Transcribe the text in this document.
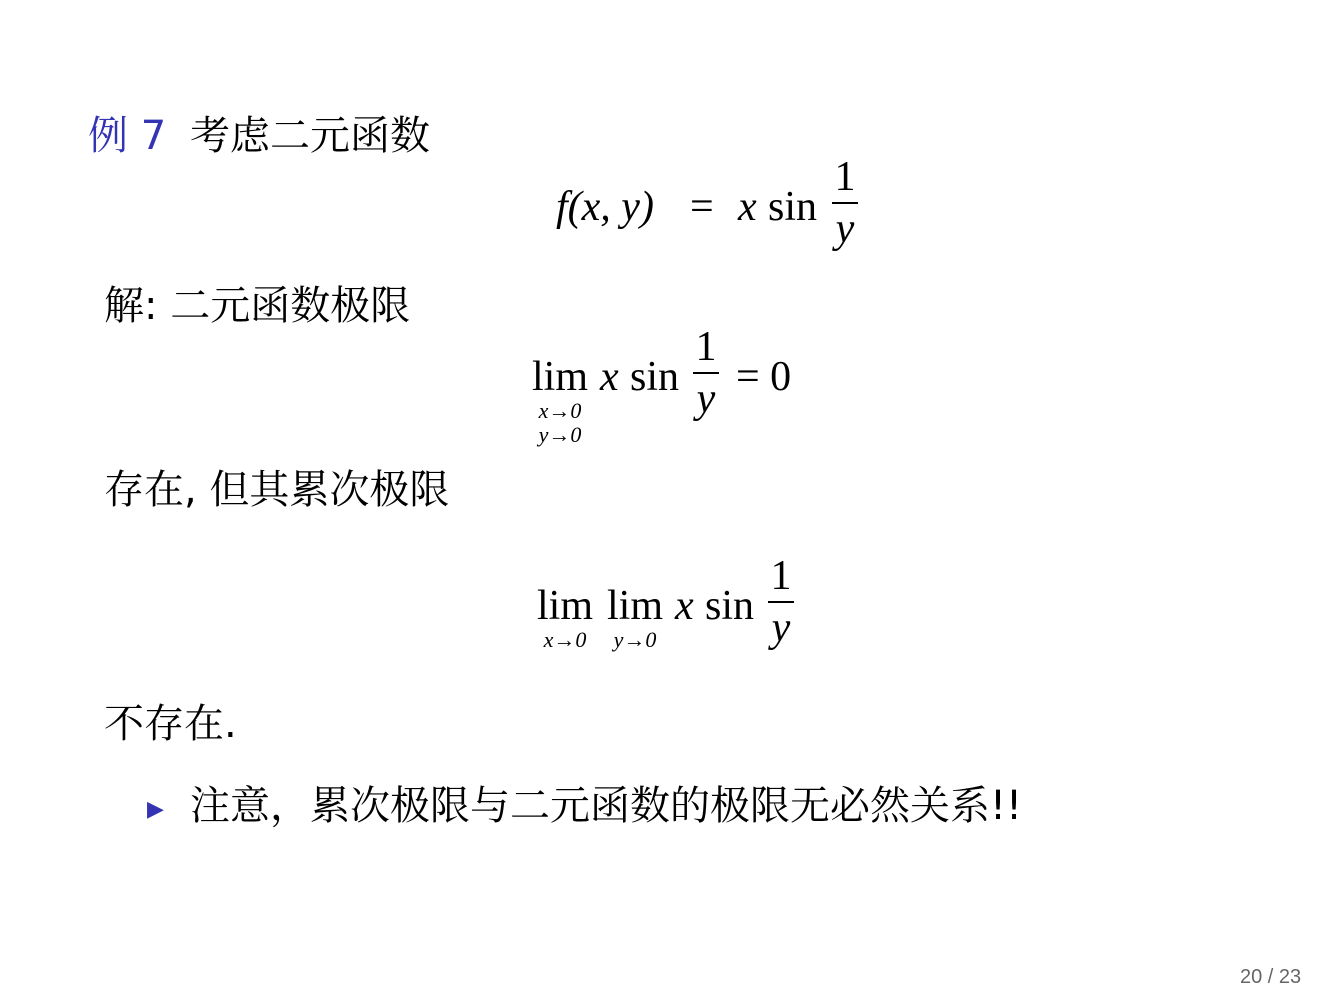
例 7 考虑二元函数
f(x, y) = x sin
1
y
解: 二元函数极限
lim
x→0
y→0
x sin
1
y = 0
存在, 但其累次极限
lim
x→0
lim
y→0
x sin
1
y
不存在.
▶ 注意，累次极限与二元函数的极限无必然关系!!
20 / 23
